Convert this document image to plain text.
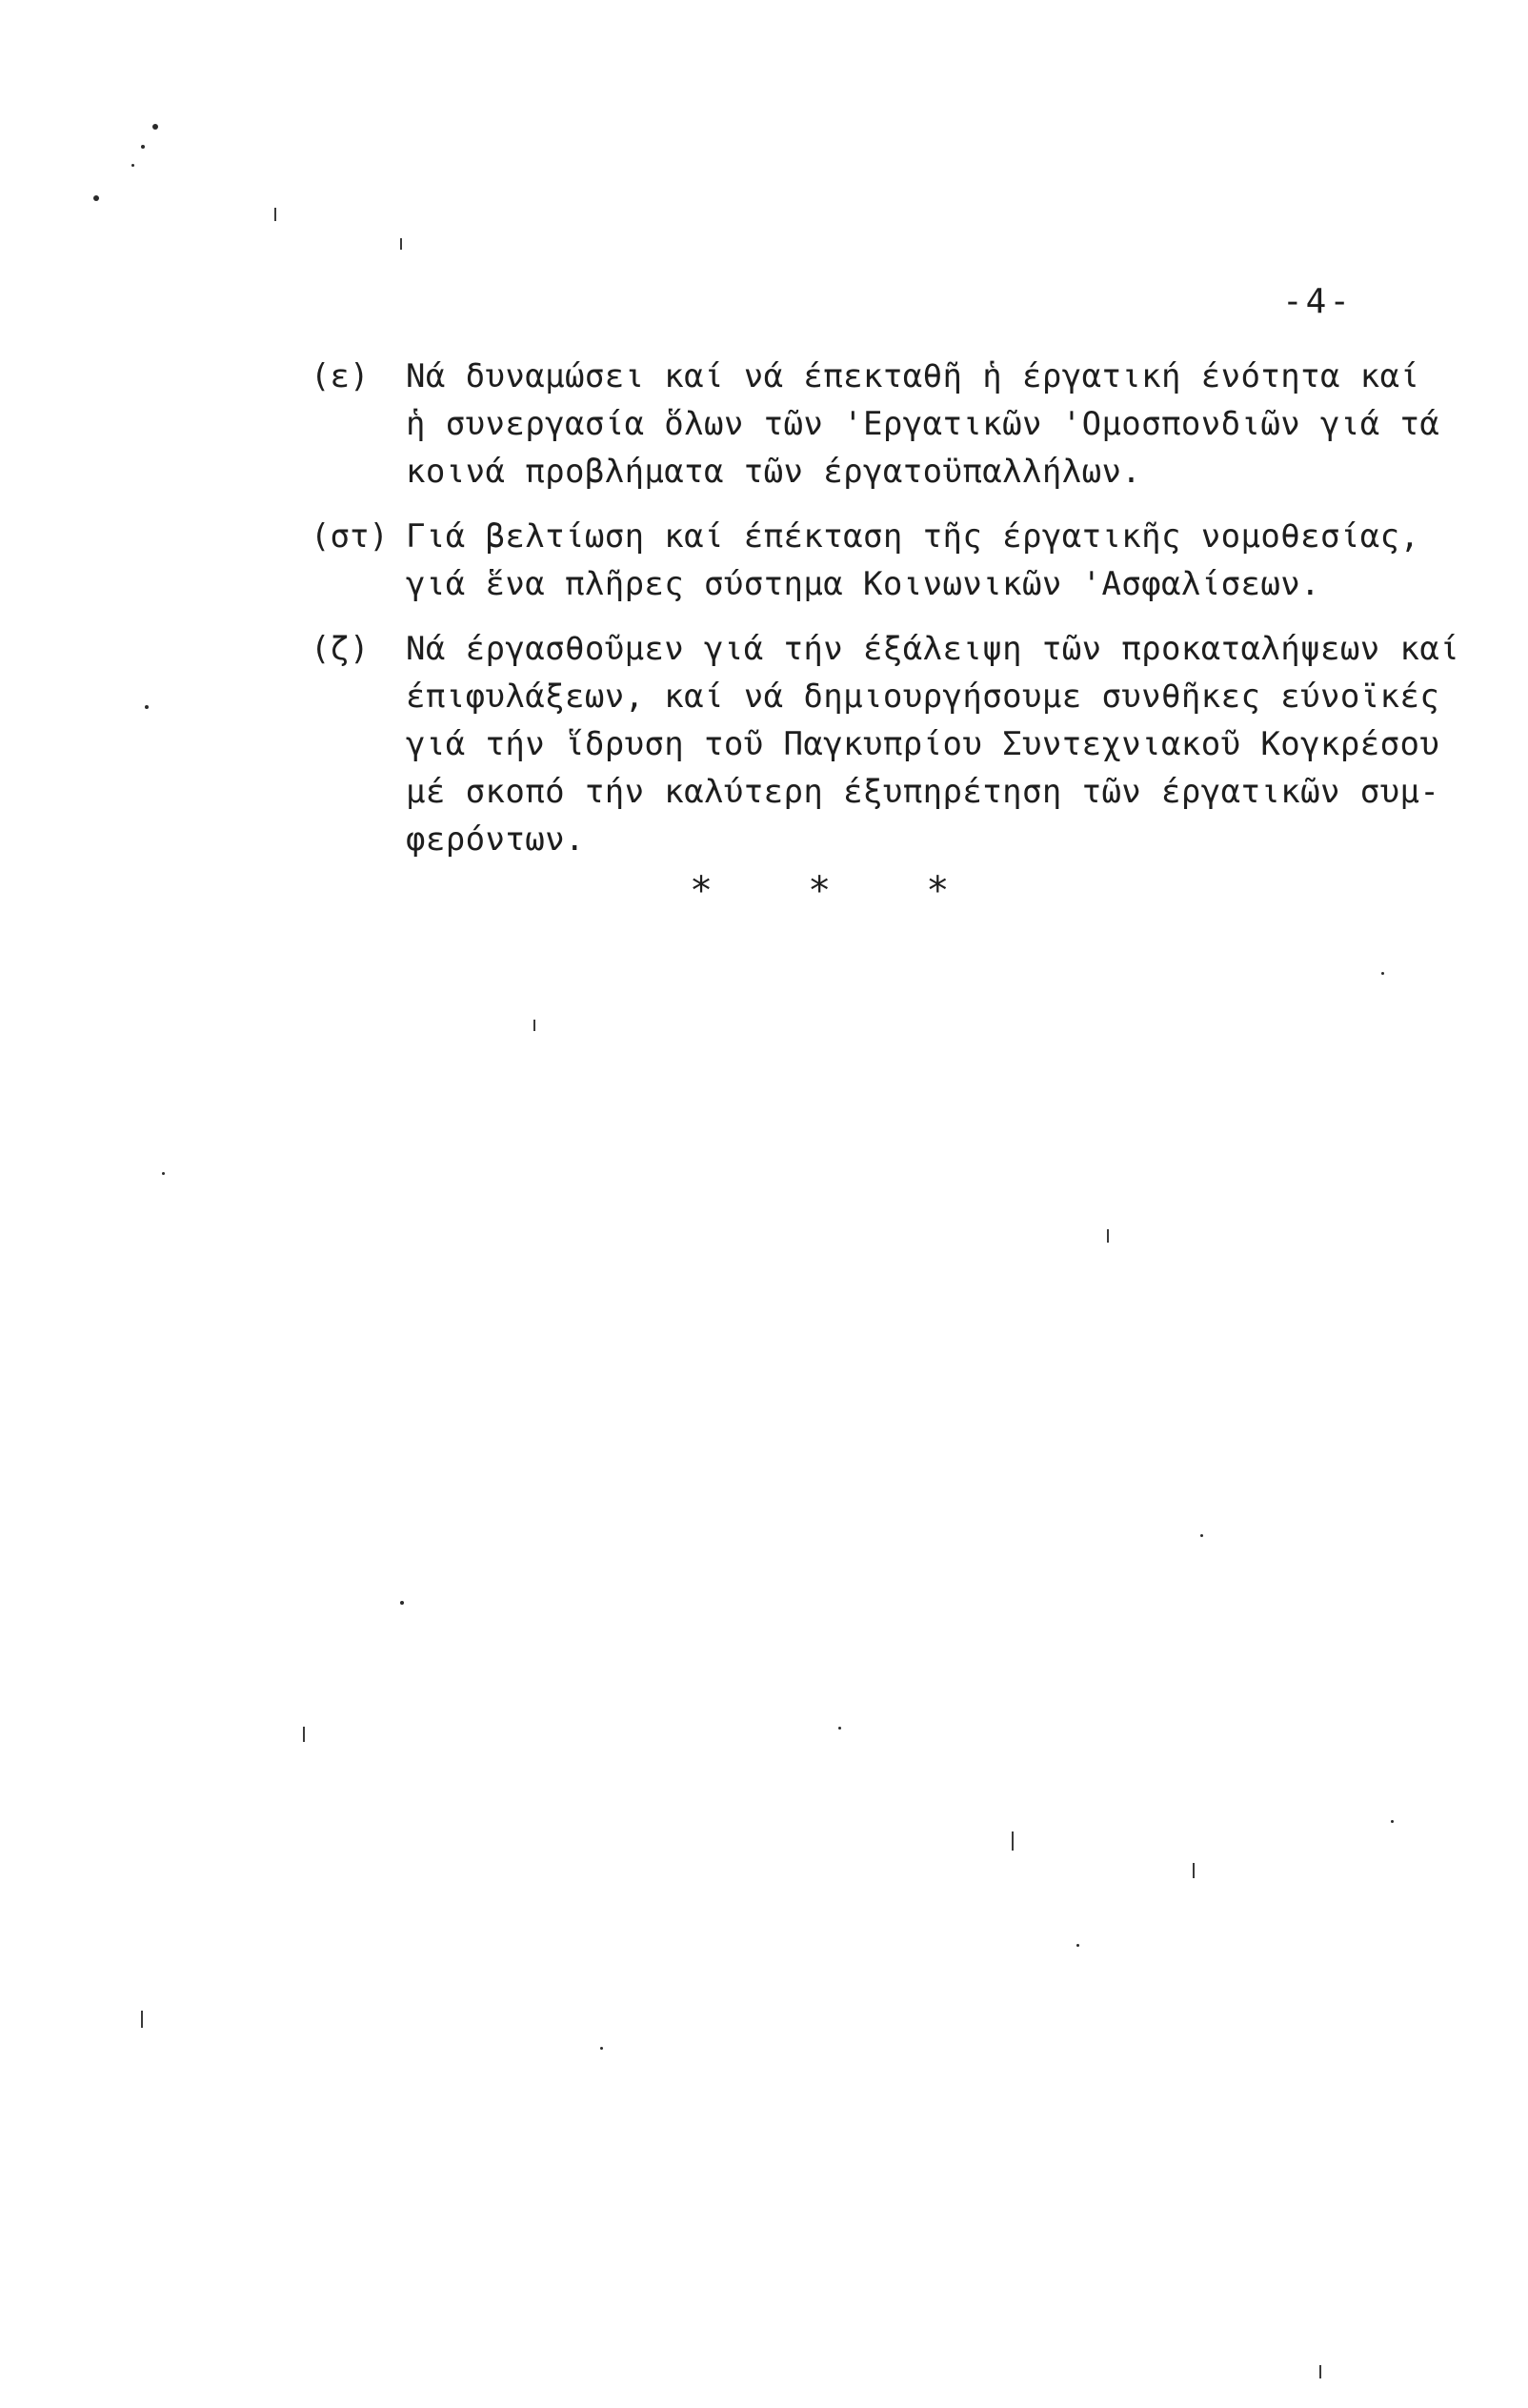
-4-
(ε)	Νά δυναμώσει καί νά έπεκταθῆ ἡ έργατική ένότητα καί
ἡ συνεργασία ὅλων τῶν 'Εργατικῶν 'Ομοσπονδιῶν γιά τά
κοινά προβλήματα τῶν έργατοϋπαλλήλων.
(στ) Γιά βελτίωση καί έπέκταση τῆς έργατικῆς νομοθεσίας,
γιά ἕνα πλῆρες σύστημα Κοινωνικῶν 'Ασφαλίσεων.
(ζ)	Νά έργασθοῦμεν γιά τήν έξάλειψη τῶν προκαταλήψεων καί
έπιφυλάξεων, καί νά δημιουργήσουμε συνθῆκες εύνοϊκές
γιά τήν ἵδρυση τοῦ Παγκυπρίου Συντεχνιακοῦ Κογκρέσου
μέ σκοπό τήν καλύτερη έξυπηρέτηση τῶν έργατικῶν συμ-
φερόντων.
*	*	*
